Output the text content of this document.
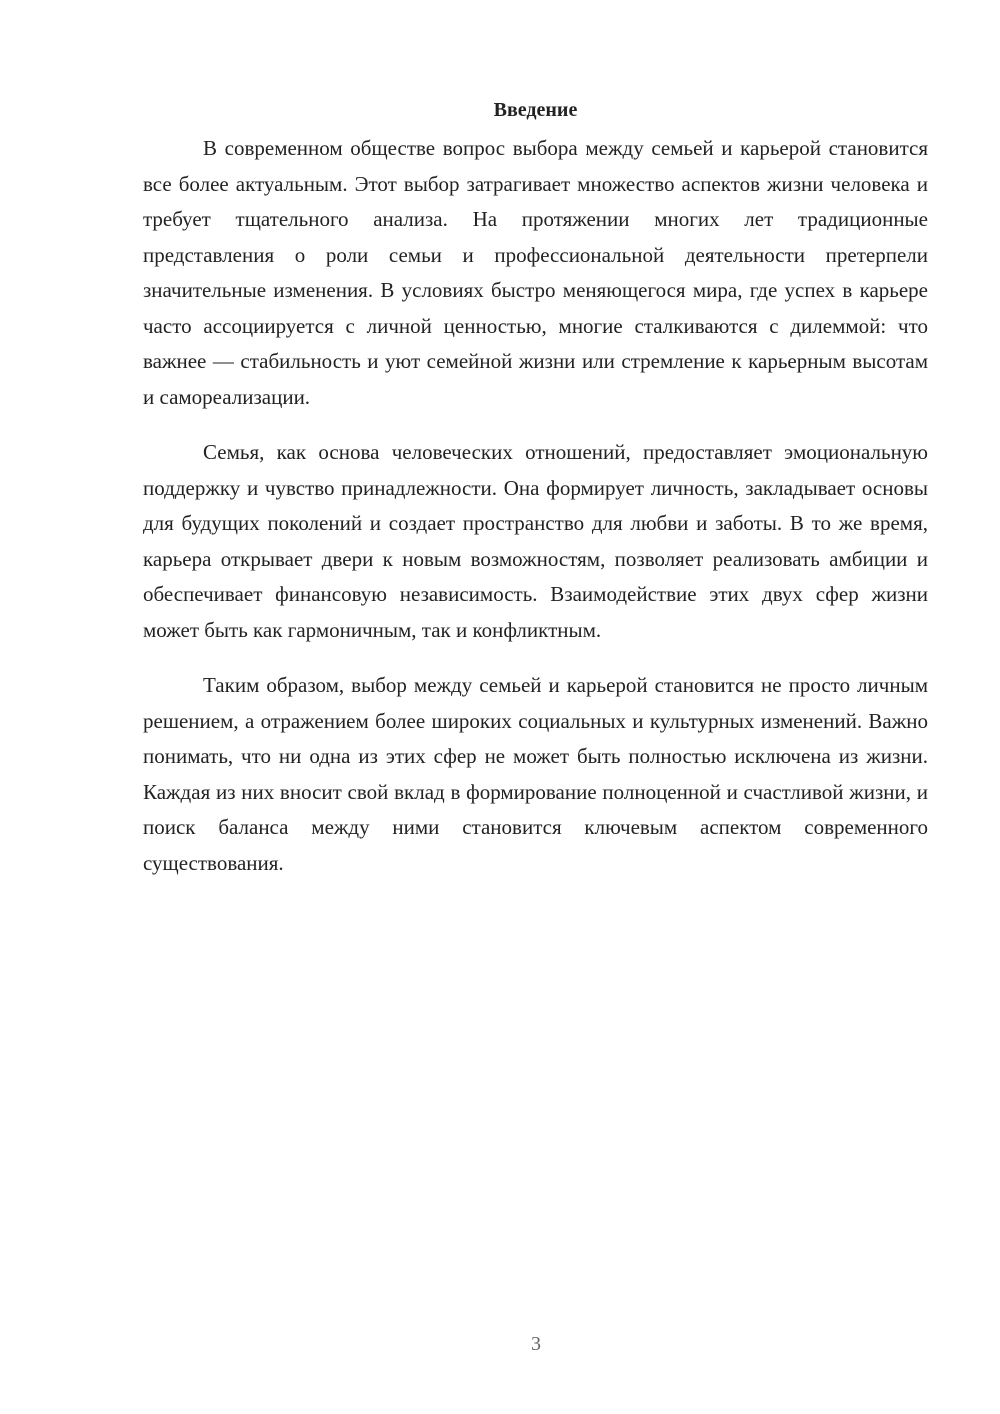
Введение

В современном обществе вопрос выбора между семьей и карьерой становится все более актуальным. Этот выбор затрагивает множество аспектов жизни человека и требует тщательного анализа. На протяжении многих лет традиционные представления о роли семьи и профессиональной деятельности претерпели значительные изменения. В условиях быстро меняющегося мира, где успех в карьере часто ассоциируется с личной ценностью, многие сталкиваются с дилеммой: что важнее — стабильность и уют семейной жизни или стремление к карьерным высотам и самореализации.

Семья, как основа человеческих отношений, предоставляет эмоциональную поддержку и чувство принадлежности. Она формирует личность, закладывает основы для будущих поколений и создает пространство для любви и заботы. В то же время, карьера открывает двери к новым возможностям, позволяет реализовать амбиции и обеспечивает финансовую независимость. Взаимодействие этих двух сфер жизни может быть как гармоничным, так и конфликтным.

Таким образом, выбор между семьей и карьерой становится не просто личным решением, а отражением более широких социальных и культурных изменений. Важно понимать, что ни одна из этих сфер не может быть полностью исключена из жизни. Каждая из них вносит свой вклад в формирование полноценной и счастливой жизни, и поиск баланса между ними становится ключевым аспектом современного существования.

3
